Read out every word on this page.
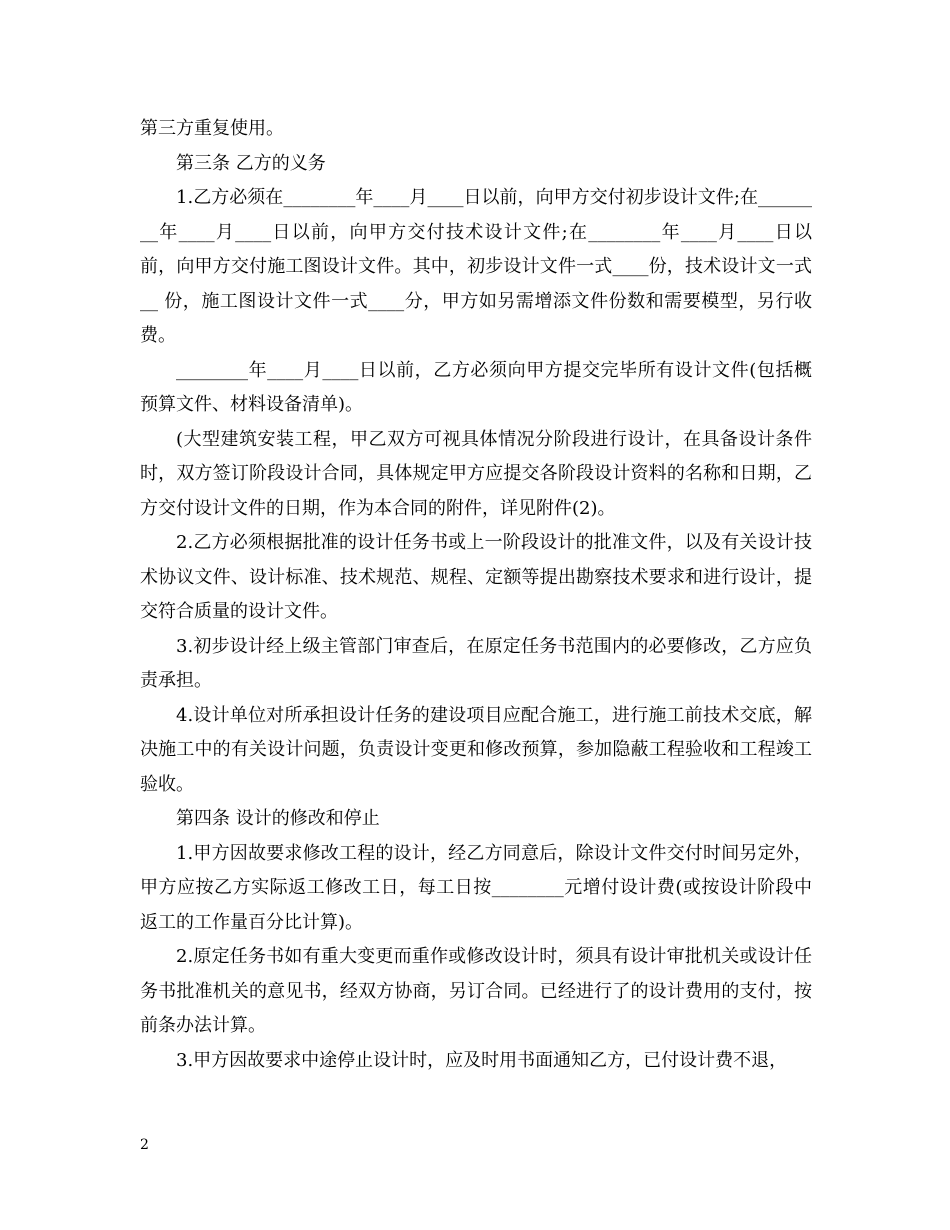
第三方重复使用。

第三条 乙方的义务

1.乙方必须在________年____月____日以前，向甲方交付初步设计文件;在________年____月____日以前，向甲方交付技术设计文件;在________年____月____日以前，向甲方交付施工图设计文件。其中，初步设计文件一式____份，技术设计文一式__ 份，施工图设计文件一式____分，甲方如另需增添文件份数和需要模型，另行收费。

________年____月____日以前，乙方必须向甲方提交完毕所有设计文件(包括概预算文件、材料设备清单)。

(大型建筑安装工程，甲乙双方可视具体情况分阶段进行设计，在具备设计条件时，双方签订阶段设计合同，具体规定甲方应提交各阶段设计资料的名称和日期，乙方交付设计文件的日期，作为本合同的附件，详见附件(2)。

2.乙方必须根据批准的设计任务书或上一阶段设计的批准文件，以及有关设计技术协议文件、设计标准、技术规范、规程、定额等提出勘察技术要求和进行设计，提交符合质量的设计文件。

3.初步设计经上级主管部门审查后，在原定任务书范围内的必要修改，乙方应负责承担。

4.设计单位对所承担设计任务的建设项目应配合施工，进行施工前技术交底，解决施工中的有关设计问题，负责设计变更和修改预算，参加隐蔽工程验收和工程竣工验收。

第四条 设计的修改和停止

1.甲方因故要求修改工程的设计，经乙方同意后，除设计文件交付时间另定外，甲方应按乙方实际返工修改工日，每工日按________元增付设计费(或按设计阶段中返工的工作量百分比计算)。

2.原定任务书如有重大变更而重作或修改设计时，须具有设计审批机关或设计任务书批准机关的意见书，经双方协商，另订合同。已经进行了的设计费用的支付，按前条办法计算。

3.甲方因故要求中途停止设计时，应及时用书面通知乙方，已付设计费不退，

2
